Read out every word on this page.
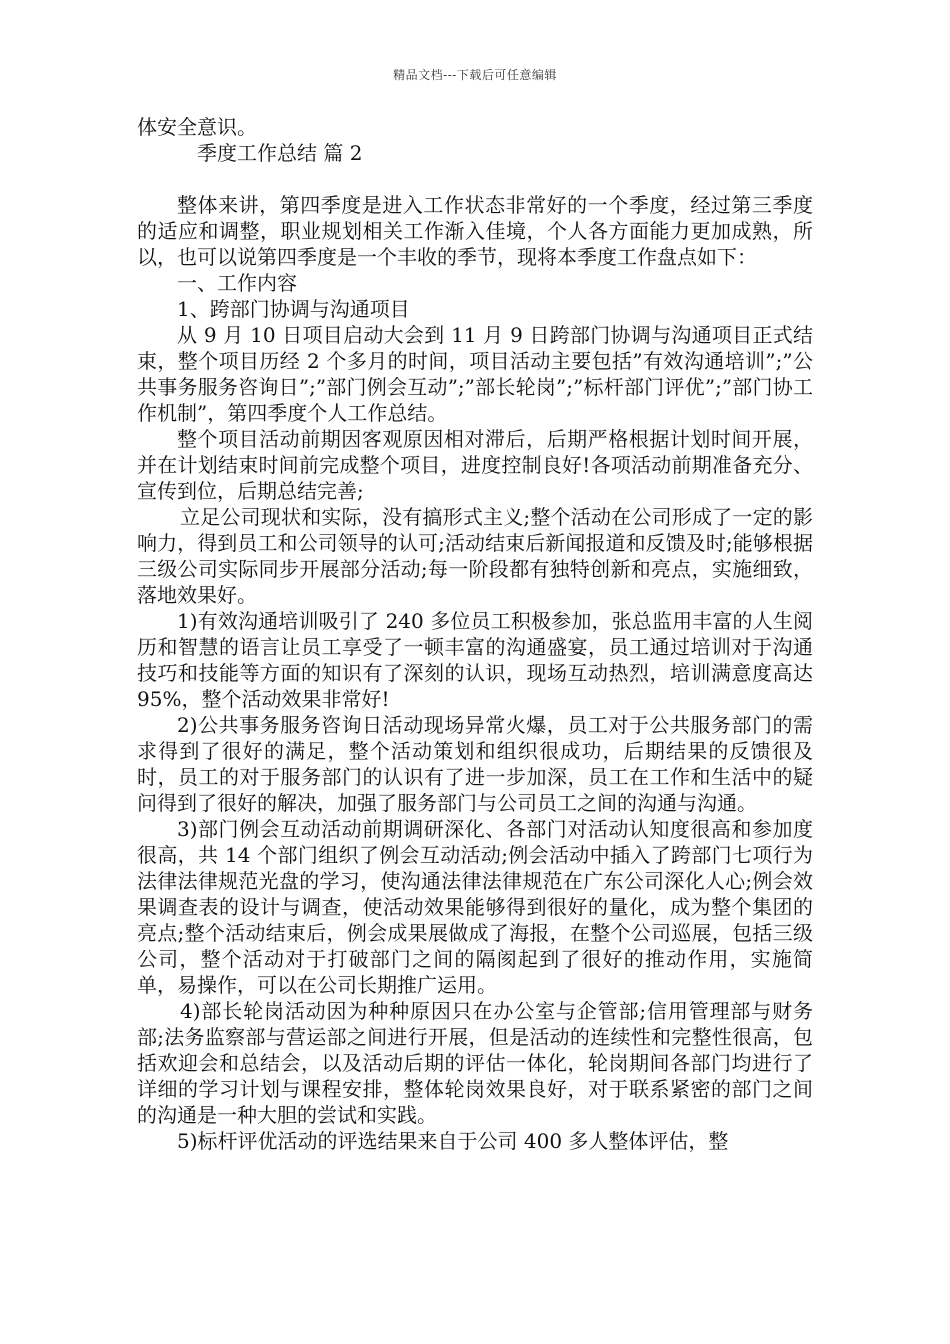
精品文档---下载后可任意编辑

体安全意识。

季度工作总结 篇 2

整体来讲，第四季度是进入工作状态非常好的一个季度，经过第三季度的适应和调整，职业规划相关工作渐入佳境，个人各方面能力更加成熟，所以，也可以说第四季度是一个丰收的季节，现将本季度工作盘点如下：

一、工作内容

1、跨部门协调与沟通项目

从 9 月 10 日项目启动大会到 11 月 9 日跨部门协调与沟通项目正式结束，整个项目历经 2 个多月的时间，项目活动主要包括”有效沟通培训”;”公共事务服务咨询日”;”部门例会互动”;”部长轮岗”;”标杆部门评优”;”部门协工作机制”，第四季度个人工作总结。

整个项目活动前期因客观原因相对滞后，后期严格根据计划时间开展，并在计划结束时间前完成整个项目，进度控制良好!各项活动前期准备充分、宣传到位，后期总结完善;

立足公司现状和实际，没有搞形式主义;整个活动在公司形成了一定的影响力，得到员工和公司领导的认可;活动结束后新闻报道和反馈及时;能够根据三级公司实际同步开展部分活动;每一阶段都有独特创新和亮点，实施细致，落地效果好。

1)有效沟通培训吸引了 240 多位员工积极参加，张总监用丰富的人生阅历和智慧的语言让员工享受了一顿丰富的沟通盛宴，员工通过培训对于沟通技巧和技能等方面的知识有了深刻的认识，现场互动热烈，培训满意度高达 95%，整个活动效果非常好!

2)公共事务服务咨询日活动现场异常火爆，员工对于公共服务部门的需求得到了很好的满足，整个活动策划和组织很成功，后期结果的反馈很及时，员工的对于服务部门的认识有了进一步加深，员工在工作和生活中的疑问得到了很好的解决，加强了服务部门与公司员工之间的沟通与沟通。

3)部门例会互动活动前期调研深化、各部门对活动认知度很高和参加度很高，共 14 个部门组织了例会互动活动;例会活动中插入了跨部门七项行为法律法律规范光盘的学习，使沟通法律法律规范在广东公司深化人心;例会效果调查表的设计与调查，使活动效果能够得到很好的量化，成为整个集团的亮点;整个活动结束后，例会成果展做成了海报，在整个公司巡展，包括三级公司，整个活动对于打破部门之间的隔阂起到了很好的推动作用，实施简单，易操作，可以在公司长期推广运用。

4)部长轮岗活动因为种种原因只在办公室与企管部;信用管理部与财务部;法务监察部与营运部之间进行开展，但是活动的连续性和完整性很高，包括欢迎会和总结会，以及活动后期的评估一体化，轮岗期间各部门均进行了详细的学习计划与课程安排，整体轮岗效果良好，对于联系紧密的部门之间的沟通是一种大胆的尝试和实践。

5)标杆评优活动的评选结果来自于公司 400 多人整体评估，整
